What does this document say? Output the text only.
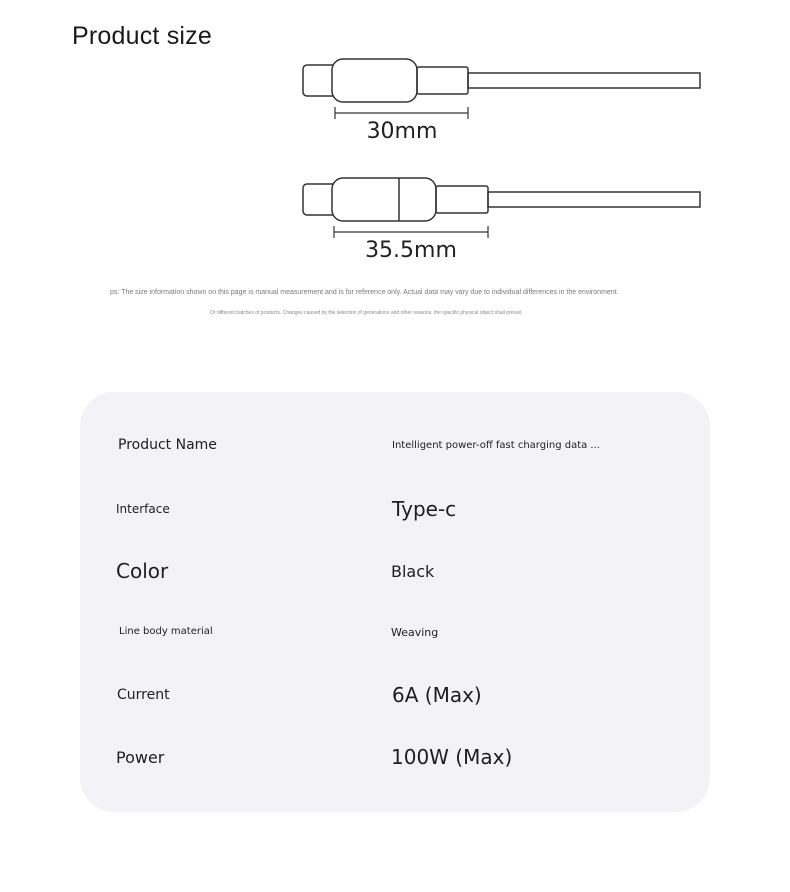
Product size
30mm
35.5mm
ps: The size information shown on this page is manual measurement and is for reference only. Actual data may vary due to individual differences in the environment.
Or different batches of products. Changes caused by the selection of generations and other reasons, the specific physical object shall prevail.
Product Name	Intelligent power-off fast charging data ...
Interface	Type-c
Color	Black
Line body material	Weaving
Current	6A (Max)
Power	100W (Max)
